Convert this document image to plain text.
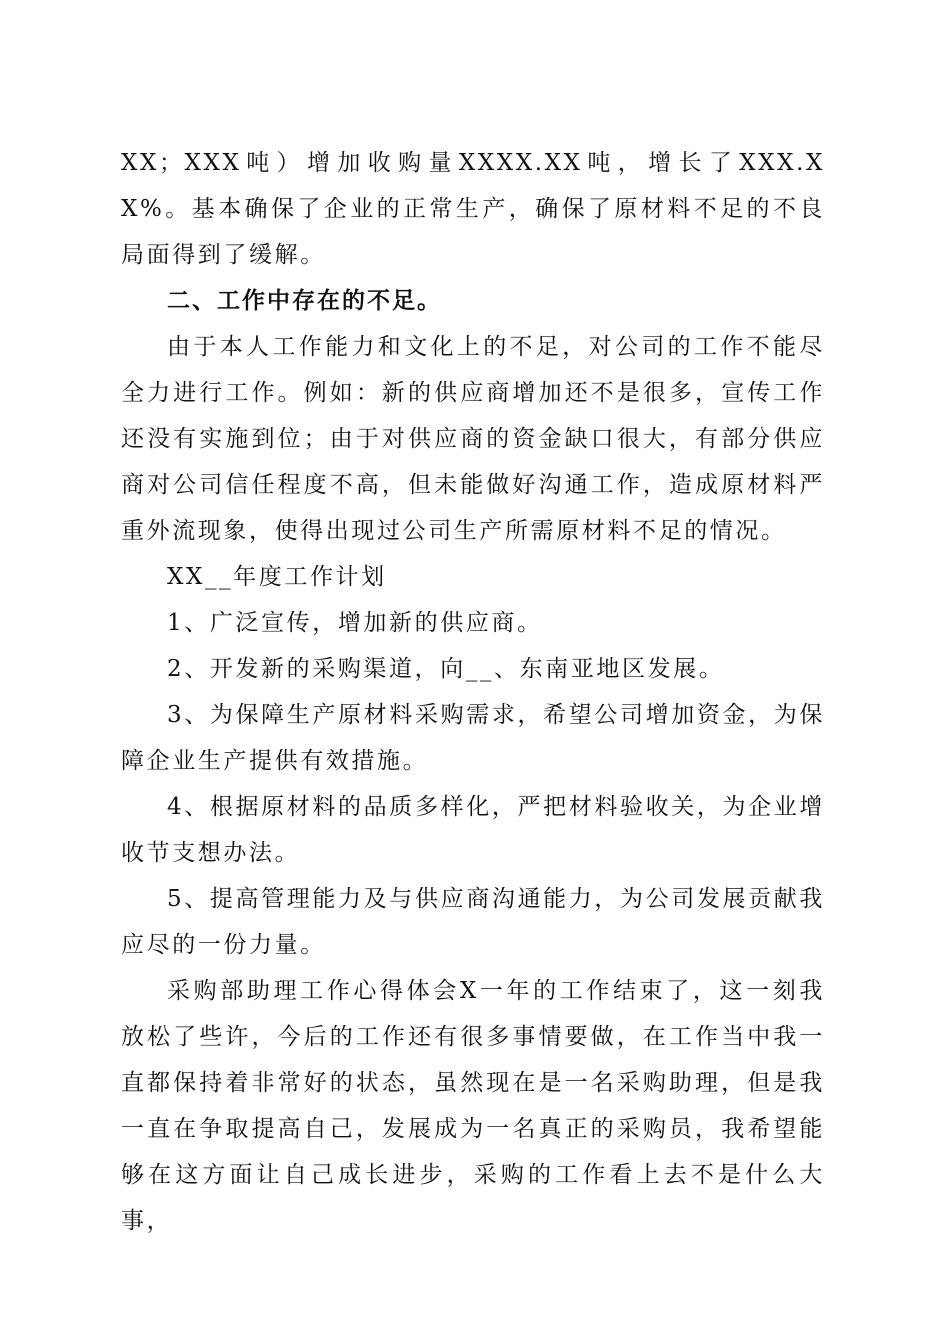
XX；XXX吨）增加收购量XXXX.XX吨，增长了XXX.XX%。基本确保了企业的正常生产，确保了原材料不足的不良局面得到了缓解。

二、工作中存在的不足。

由于本人工作能力和文化上的不足，对公司的工作不能尽全力进行工作。例如：新的供应商增加还不是很多，宣传工作还没有实施到位；由于对供应商的资金缺口很大，有部分供应商对公司信任程度不高，但未能做好沟通工作，造成原材料严重外流现象，使得出现过公司生产所需原材料不足的情况。

XX__年度工作计划

1、广泛宣传，增加新的供应商。

2、开发新的采购渠道，向__、东南亚地区发展。

3、为保障生产原材料采购需求，希望公司增加资金，为保障企业生产提供有效措施。

4、根据原材料的品质多样化，严把材料验收关，为企业增收节支想办法。

5、提高管理能力及与供应商沟通能力，为公司发展贡献我应尽的一份力量。

采购部助理工作心得体会X一年的工作结束了，这一刻我放松了些许，今后的工作还有很多事情要做，在工作当中我一直都保持着非常好的状态，虽然现在是一名采购助理，但是我一直在争取提高自己，发展成为一名真正的采购员，我希望能够在这方面让自己成长进步，采购的工作看上去不是什么大事，
